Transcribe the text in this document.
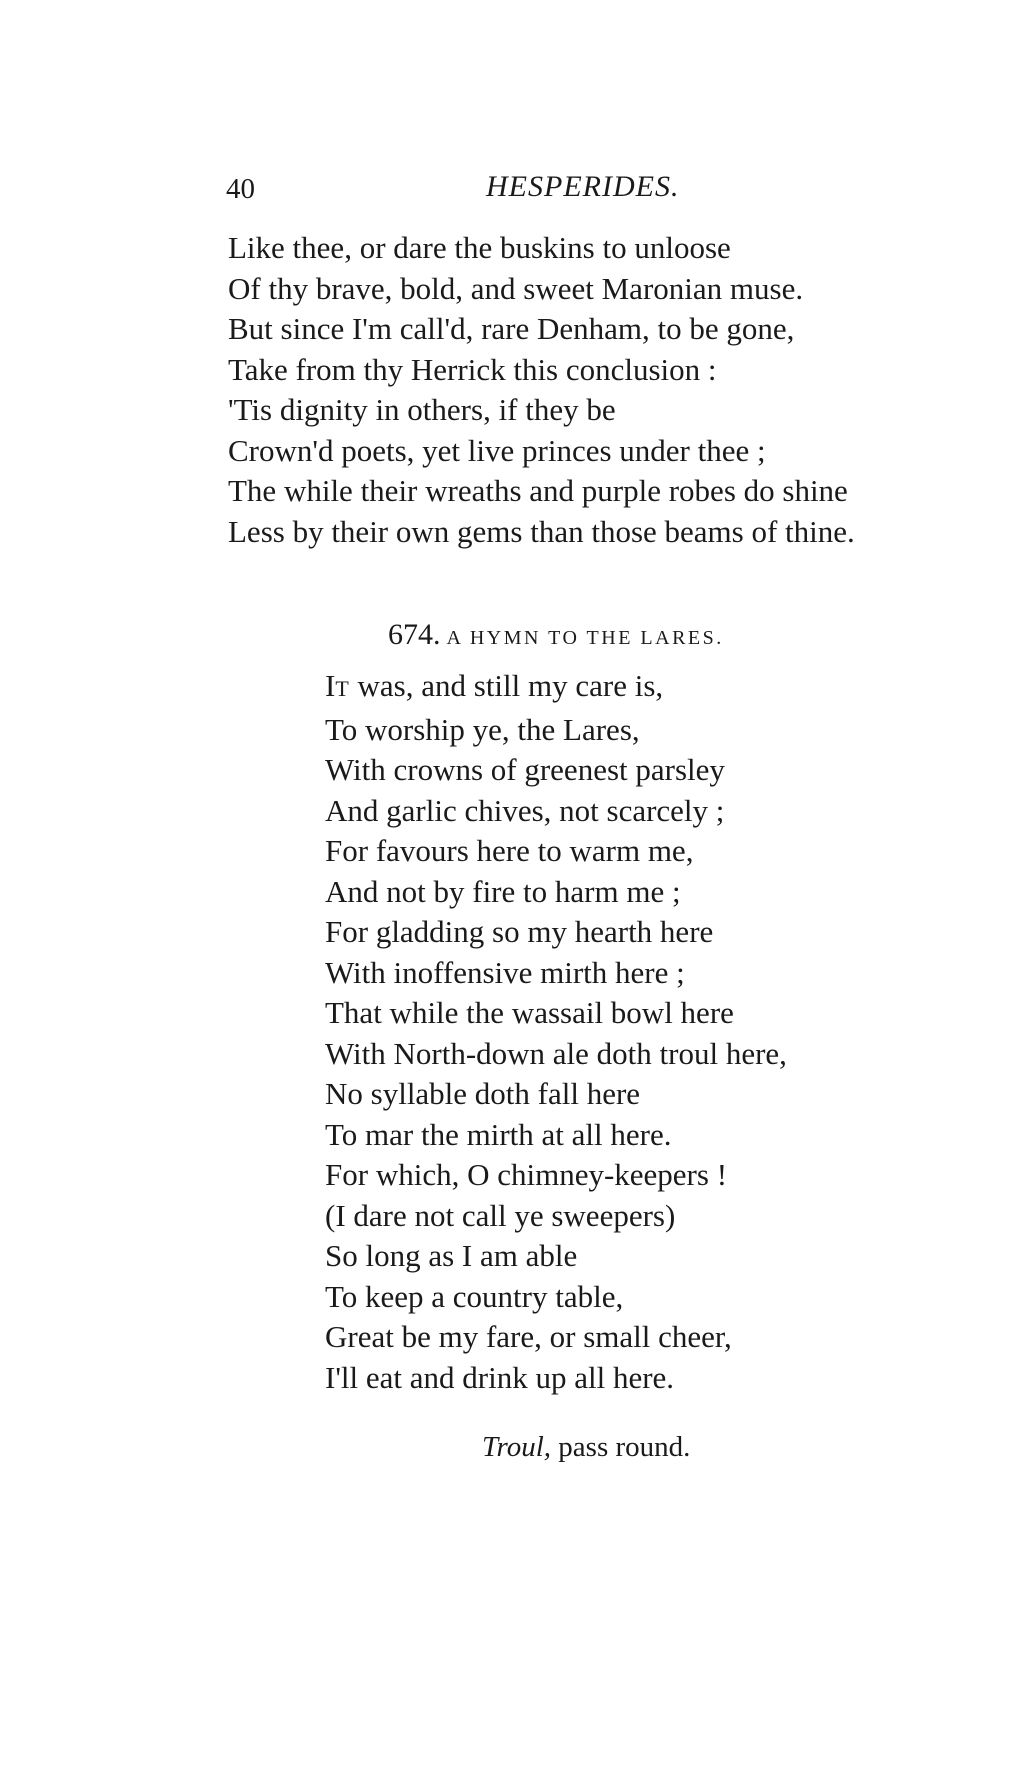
40	HESPERIDES.
Like thee, or dare the buskins to unloose
Of thy brave, bold, and sweet Maronian muse.
But since I'm call'd, rare Denham, to be gone,
Take from thy Herrick this conclusion :
'Tis dignity in others, if they be
Crown'd poets, yet live princes under thee ;
The while their wreaths and purple robes do shine
Less by their own gems than those beams of thine.
674. A HYMN TO THE LARES.
IT was, and still my care is,
To worship ye, the Lares,
With crowns of greenest parsley
And garlic chives, not scarcely ;
For favours here to warm me,
And not by fire to harm me ;
For gladding so my hearth here
With inoffensive mirth here ;
That while the wassail bowl here
With North-down ale doth troul here,
No syllable doth fall here
To mar the mirth at all here.
For which, O chimney-keepers !
(I dare not call ye sweepers)
So long as I am able
To keep a country table,
Great be my fare, or small cheer,
I'll eat and drink up all here.
Troul, pass round.
